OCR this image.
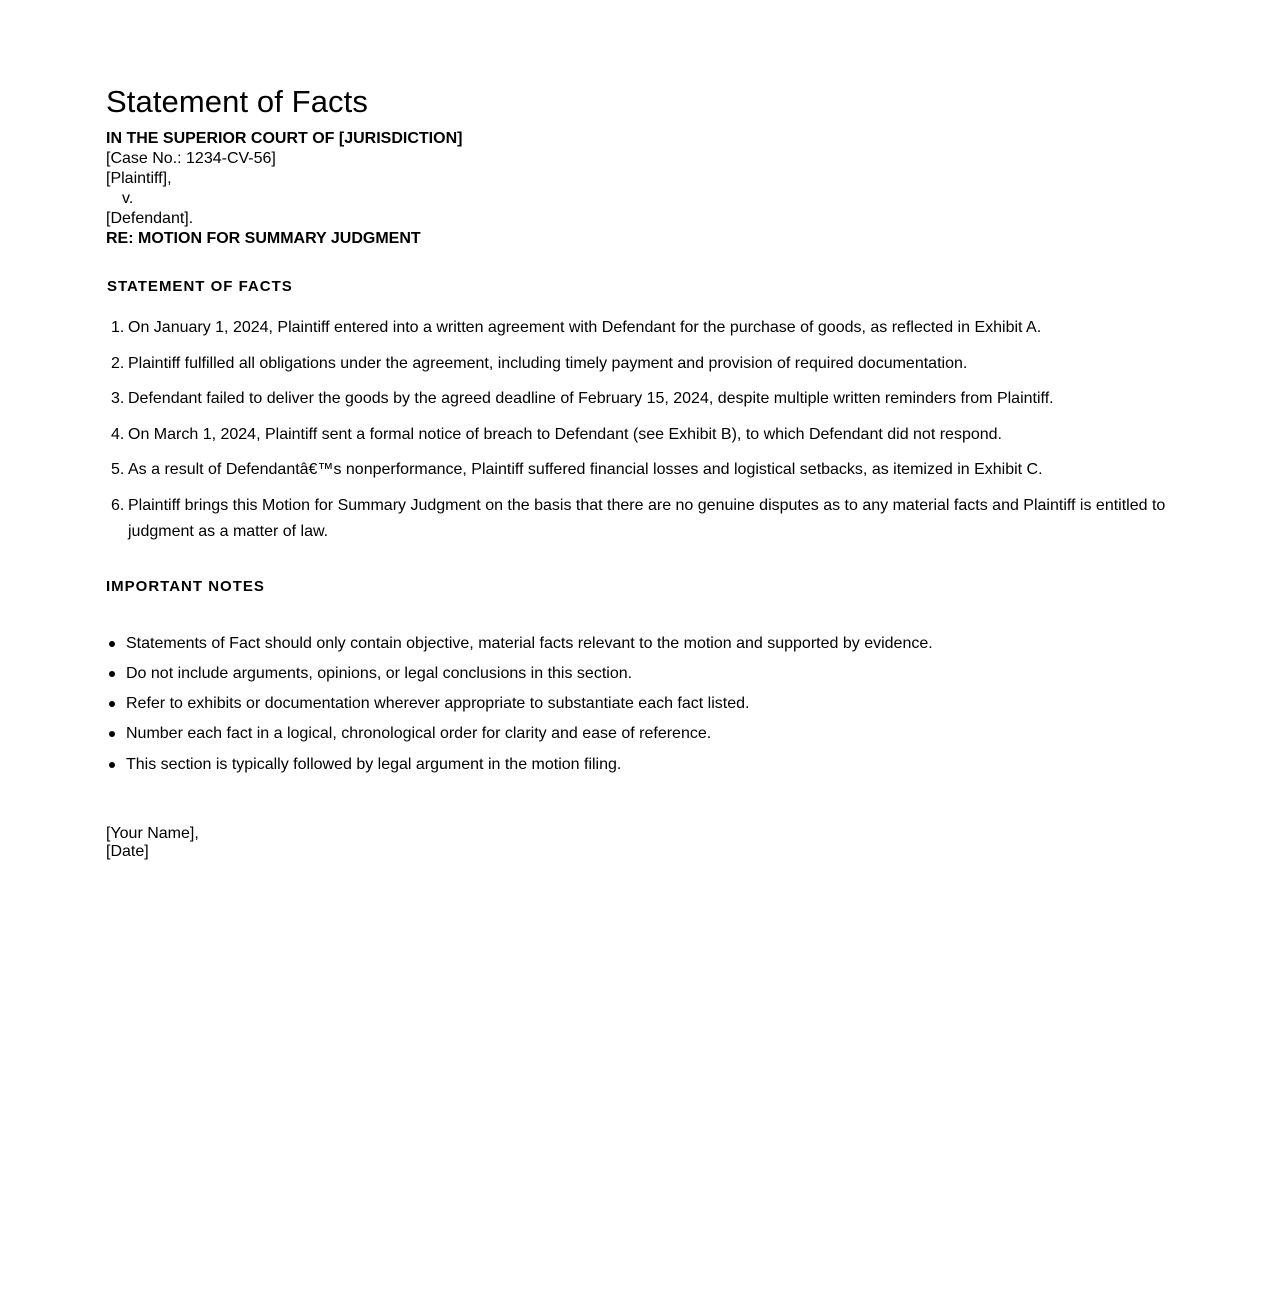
Statement of Facts
IN THE SUPERIOR COURT OF [JURISDICTION]
[Case No.: 1234-CV-56]
[Plaintiff],
v.
[Defendant].
RE: MOTION FOR SUMMARY JUDGMENT
STATEMENT OF FACTS
1. On January 1, 2024, Plaintiff entered into a written agreement with Defendant for the purchase of goods, as reflected in Exhibit A.
2. Plaintiff fulfilled all obligations under the agreement, including timely payment and provision of required documentation.
3. Defendant failed to deliver the goods by the agreed deadline of February 15, 2024, despite multiple written reminders from Plaintiff.
4. On March 1, 2024, Plaintiff sent a formal notice of breach to Defendant (see Exhibit B), to which Defendant did not respond.
5. As a result of Defendantâ€™s nonperformance, Plaintiff suffered financial losses and logistical setbacks, as itemized in Exhibit C.
6. Plaintiff brings this Motion for Summary Judgment on the basis that there are no genuine disputes as to any material facts and Plaintiff is entitled to judgment as a matter of law.
IMPORTANT NOTES
Statements of Fact should only contain objective, material facts relevant to the motion and supported by evidence.
Do not include arguments, opinions, or legal conclusions in this section.
Refer to exhibits or documentation wherever appropriate to substantiate each fact listed.
Number each fact in a logical, chronological order for clarity and ease of reference.
This section is typically followed by legal argument in the motion filing.
[Your Name],
[Date]
